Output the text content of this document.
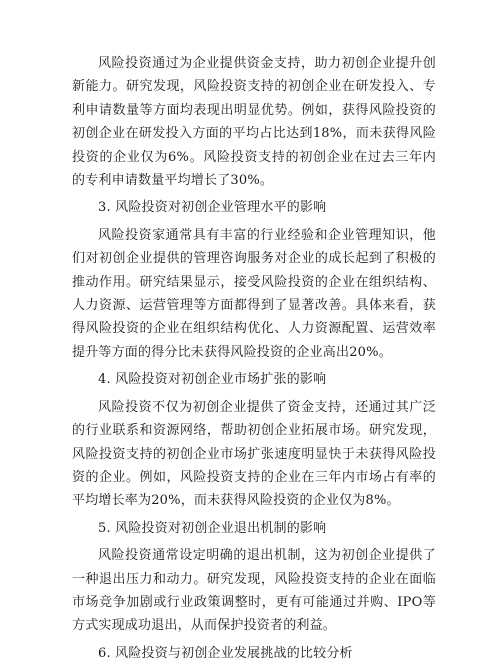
风险投资通过为企业提供资金支持，助力初创企业提升创新能力。研究发现，风险投资支持的初创企业在研发投入、专利申请数量等方面均表现出明显优势。例如，获得风险投资的初创企业在研发投入方面的平均占比达到18%，而未获得风险投资的企业仅为6%。风险投资支持的初创企业在过去三年内的专利申请数量平均增长了30%。

3. 风险投资对初创企业管理水平的影响

风险投资家通常具有丰富的行业经验和企业管理知识，他们对初创企业提供的管理咨询服务对企业的成长起到了积极的推动作用。研究结果显示，接受风险投资的企业在组织结构、人力资源、运营管理等方面都得到了显著改善。具体来看，获得风险投资的企业在组织结构优化、人力资源配置、运营效率提升等方面的得分比未获得风险投资的企业高出20%。

4. 风险投资对初创企业市场扩张的影响

风险投资不仅为初创企业提供了资金支持，还通过其广泛的行业联系和资源网络，帮助初创企业拓展市场。研究发现，风险投资支持的初创企业市场扩张速度明显快于未获得风险投资的企业。例如，风险投资支持的企业在三年内市场占有率的平均增长率为20%，而未获得风险投资的企业仅为8%。

5. 风险投资对初创企业退出机制的影响

风险投资通常设定明确的退出机制，这为初创企业提供了一种退出压力和动力。研究发现，风险投资支持的企业在面临市场竞争加剧或行业政策调整时，更有可能通过并购、IPO等方式实现成功退出，从而保护投资者的利益。

6. 风险投资与初创企业发展挑战的比较分析
